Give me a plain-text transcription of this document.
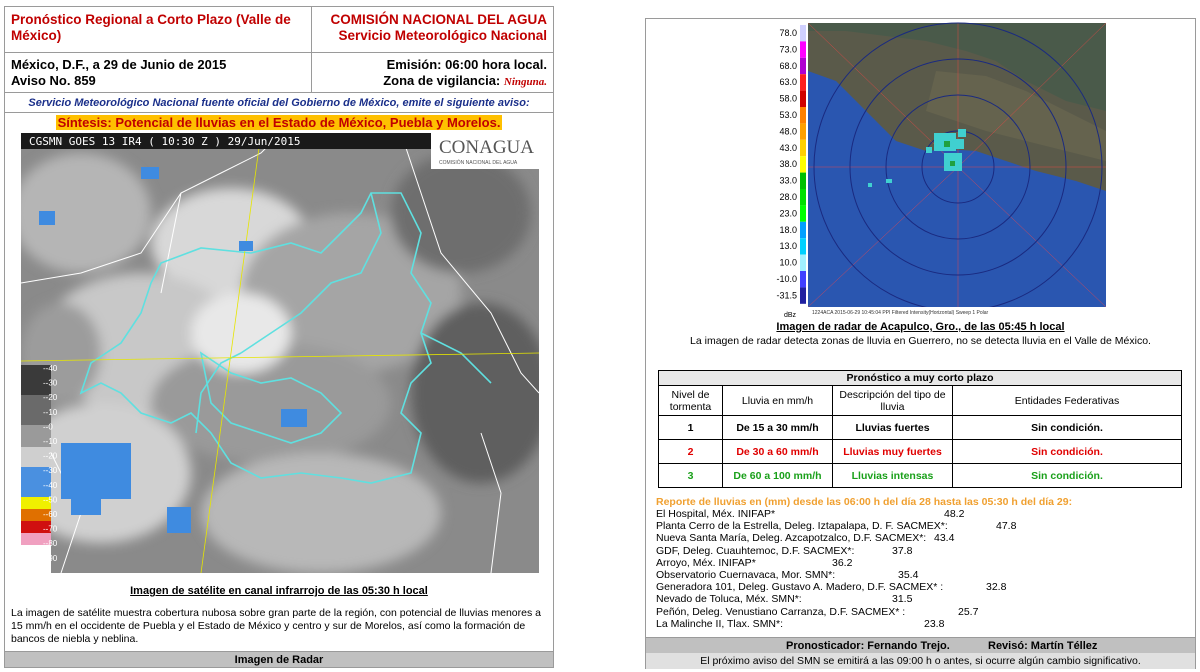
Pronóstico Regional a Corto Plazo (Valle de México)
COMISIÓN NACIONAL DEL AGUA
Servicio Meteorológico Nacional
México, D.F., a 29 de Junio de 2015
Aviso No. 859
Emisión: 06:00 hora local.
Zona de vigilancia: Ninguna.
Servicio Meteorológico Nacional fuente oficial del Gobierno de México, emite el siguiente aviso:
Síntesis: Potencial de lluvias en el Estado de México, Puebla y Morelos.
CGSMN GOES 13 IR4 ( 10:30 Z ) 29/Jun/2015	CONAGUA
COMISIÓN NACIONAL DEL AGUA
--40
--30
--20
--10
--0
--10
--20
--30
--40
--50
--60
--70
--80
--90
Imagen de satélite en canal infrarrojo de las 05:30 h local
La imagen de satélite muestra cobertura nubosa sobre gran parte de la región, con potencial de lluvias menores a 15 mm/h en el occidente de Puebla y el Estado de México y centro y sur de Morelos, así como la formación de bancos de niebla y neblina.
Imagen de Radar
78.0
73.0
68.0
63.0
58.0
53.0
48.0
43.0
38.0
33.0
28.0
23.0
18.0
13.0
10.0
-10.0
-31.5
dBz	1224ACA 2015-06-29 10:45:04 PPI Filtered Intensity(Horizontal) Sweep 1 Polar
Imagen de radar de Acapulco, Gro., de las 05:45 h local
La imagen de radar detecta zonas de lluvia en Guerrero, no se detecta lluvia en el Valle de México.
Pronóstico a muy corto plazo			
Nivel de tormenta	Lluvia en mm/h	Descripción del tipo de lluvia	Entidades Federativas
1	De 15 a 30 mm/h	Lluvias fuertes	Sin condición.
2	De 30 a 60 mm/h	Lluvias muy fuertes	Sin condición.
3	De 60 a 100 mm/h	Lluvias intensas	Sin condición.
Reporte de lluvias en (mm) desde las 06:00 h del día 28 hasta las 05:30 h del día 29:
El Hospital, Méx. INIFAP*	48.2
Planta Cerro de la Estrella, Deleg. Iztapalapa, D. F. SACMEX*:	47.8
Nueva Santa María, Deleg. Azcapotzalco, D.F. SACMEX*: 43.4
GDF, Deleg. Cuauhtemoc, D.F. SACMEX*:	37.8
Arroyo, Méx. INIFAP*	36.2
Observatorio Cuernavaca, Mor. SMN*:	35.4
Generadora 101, Deleg. Gustavo A. Madero, D.F. SACMEX* :	32.8
Nevado de Toluca, Méx. SMN*:	31.5
Peñón, Deleg. Venustiano Carranza, D.F. SACMEX* :	25.7
La Malinche II, Tlax. SMN*:	23.8
Pronosticador: Fernando Trejo.	Revisó: Martín Téllez
El próximo aviso del SMN se emitirá a las 09:00 h o antes, si ocurre algún cambio significativo.
